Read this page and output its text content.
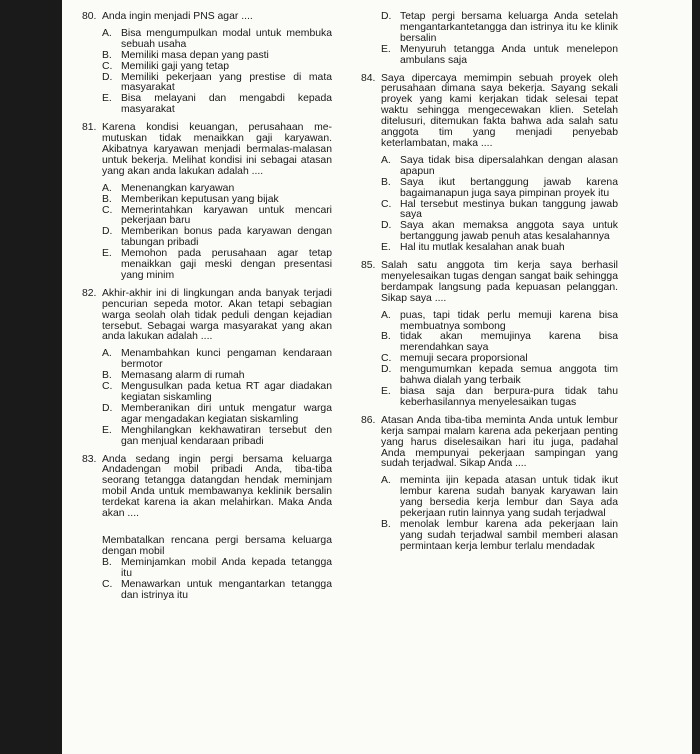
80. Anda ingin menjadi PNS agar ....
A. Bisa mengumpulkan modal untuk membuka sebuah usaha
B. Memiliki masa depan yang pasti
C. Memiliki gaji yang tetap
D. Memiliki pekerjaan yang prestise di mata masyarakat
E. Bisa melayani dan mengabdi kepada masyarakat
81. Karena kondisi keuangan, perusahaan me-mutuskan tidak menaikkan gaji karyawan. Akibatnya karyawan menjadi bermalas-malasan untuk bekerja. Melihat kondisi ini sebagai atasan yang akan anda lakukan adalah ....
A. Menenangkan karyawan
B. Memberikan keputusan yang bijak
C. Memerintahkan karyawan untuk mencari pekerjaan baru
D. Memberikan bonus pada karyawan dengan tabungan pribadi
E. Memohon pada perusahaan agar tetap menaikkan gaji meski dengan presentasi yang minim
82. Akhir-akhir ini di lingkungan anda banyak terjadi pencurian sepeda motor. Akan tetapi sebagian warga seolah olah tidak peduli dengan kejadian tersebut. Sebagai warga masyarakat yang akan anda lakukan adalah ....
A. Menambahkan kunci pengaman kendaraan bermotor
B. Memasang alarm di rumah
C. Mengusulkan pada ketua RT agar diadakan kegiatan siskamling
D. Memberanikan diri untuk mengatur warga agar mengadakan kegiatan siskamling
E. Menghilangkan kekhawatiran tersebut den gan menjual kendaraan pribadi
83. Anda sedang ingin pergi bersama keluarga Andadengan mobil pribadi Anda, tiba-tiba seorang tetangga datangdan hendak meminjam mobil Anda untuk membawanya keklinik bersalin terdekat karena ia akan melahirkan. Maka Anda akan ....
Membatalkan rencana pergi bersama keluarga dengan mobil
B. Meminjamkan mobil Anda kepada tetangga itu
C. Menawarkan untuk mengantarkan tetangga dan istrinya itu
D. Tetap pergi bersama keluarga Anda setelah mengantarkantetangga dan istrinya itu ke klinik bersalin
E. Menyuruh tetangga Anda untuk menelepon ambulans saja
84. Saya dipercaya memimpin sebuah proyek oleh perusahaan dimana saya bekerja. Sayang sekali proyek yang kami kerjakan tidak selesai tepat waktu sehingga mengecewakan klien. Setelah ditelusuri, ditemukan fakta bahwa ada salah satu anggota tim yang menjadi penyebab keterlambatan, maka ....
A. Saya tidak bisa dipersalahkan dengan alasan apapun
B. Saya ikut bertanggung jawab karena bagaimanapun juga saya pimpinan proyek itu
C. Hal tersebut mestinya bukan tanggung jawab saya
D. Saya akan memaksa anggota saya untuk bertanggung jawab penuh atas kesalahannya
E. Hal itu mutlak kesalahan anak buah
85. Salah satu anggota tim kerja saya berhasil menyelesaikan tugas dengan sangat baik sehingga berdampak langsung pada kepuasan pelanggan. Sikap saya ....
A. puas, tapi tidak perlu memuji karena bisa membuatnya sombong
B. tidak akan memujinya karena bisa merendahkan saya
C. memuji secara proporsional
D. mengumumkan kepada semua anggota tim bahwa dialah yang terbaik
E. biasa saja dan berpura-pura tidak tahu keberhasilannya menyelesaikan tugas
86. Atasan Anda tiba-tiba meminta Anda untuk lembur kerja sampai malam karena ada pekerjaan penting yang harus diselesaikan hari itu juga, padahal Anda mempunyai pekerjaan sampingan yang sudah terjadwal. Sikap Anda ....
A. meminta ijin kepada atasan untuk tidak ikut lembur karena sudah banyak karyawan lain yang bersedia kerja lembur dan Saya ada pekerjaan rutin lainnya yang sudah terjadwal
B. menolak lembur karena ada pekerjaan lain yang sudah terjadwal sambil memberi alasan permintaan kerja lembur terlalu mendadak
